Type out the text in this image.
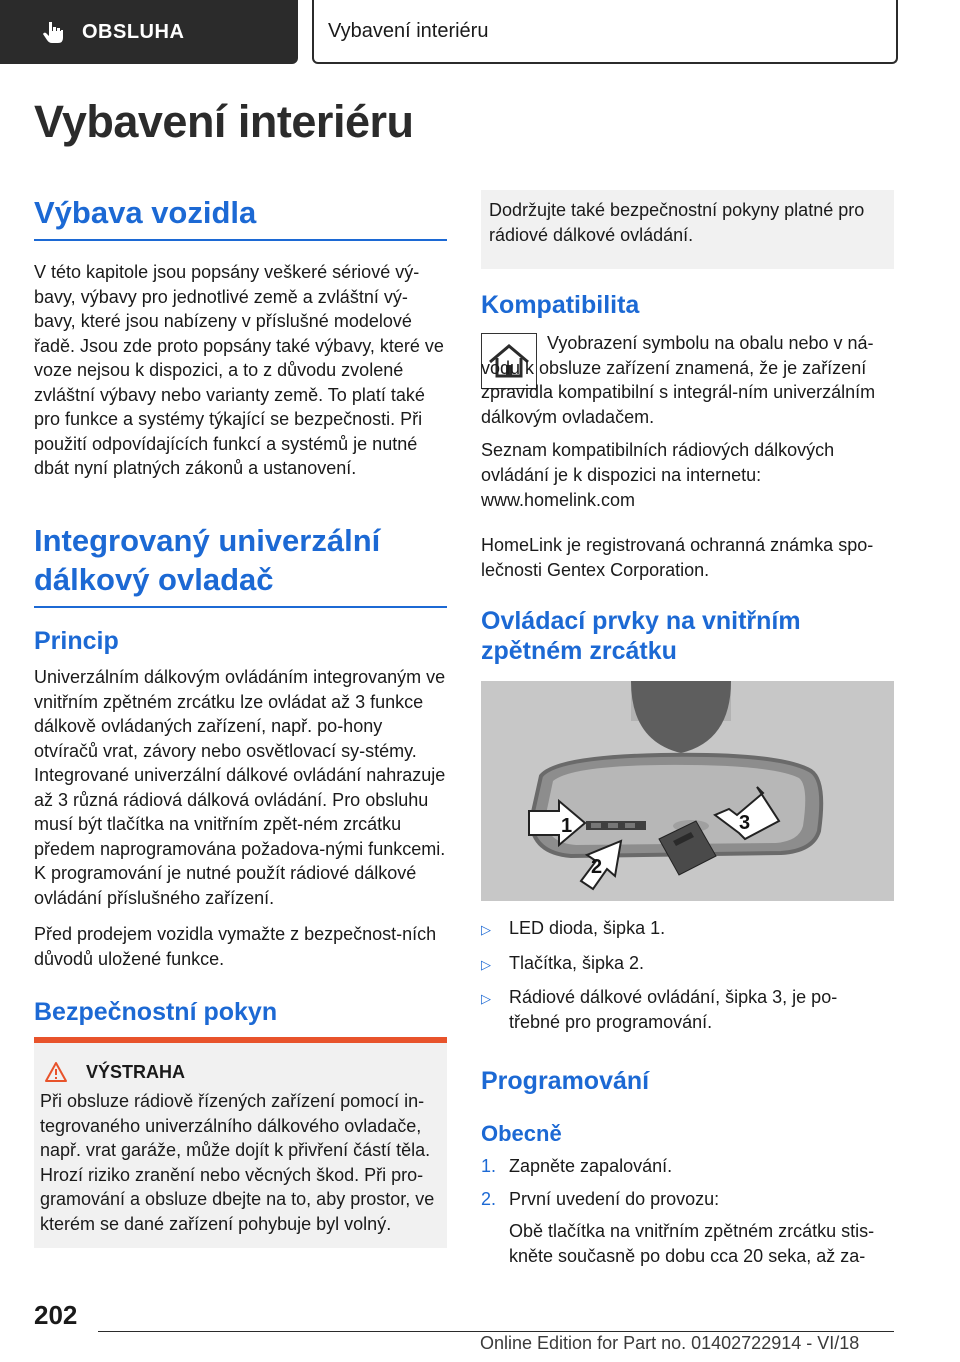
OBSLUHA	Vybavení interiéru
Vybavení interiéru
Výbava vozidla

V této kapitole jsou popsány veškeré sériové vý-bavy, výbavy pro jednotlivé země a zvláštní vý-bavy, které jsou nabízeny v příslušné modelové řadě. Jsou zde proto popsány také výbavy, které ve voze nejsou k dispozici, a to z důvodu zvolené zvláštní výbavy nebo varianty země. To platí také pro funkce a systémy týkající se bezpečnosti. Při použití odpovídajících funkcí a systémů je nutné dbát nyní platných zákonů a ustanovení.

Integrovaný univerzální
dálkový ovladač
Princip

Univerzálním dálkovým ovládáním integrovaným ve vnitřním zpětném zrcátku lze ovládat až 3 funkce dálkově ovládaných zařízení, např. po-hony otvíračů vrat, závory nebo osvětlovací sy-stémy. Integrované univerzální dálkové ovládání nahrazuje až 3 různá rádiová dálková ovládání. Pro obsluhu musí být tlačítka na vnitřním zpět-ném zrcátku předem naprogramována požadova-nými funkcemi. K programování je nutné použít rádiové dálkové ovládání příslušného zařízení.

Před prodejem vozidla vymažte z bezpečnost-ních důvodů uložené funkce.

Bezpečnostní pokyn
VÝSTRAHA

Při obsluze rádiově řízených zařízení pomocí in-tegrovaného univerzálního dálkového ovladače, např. vrat garáže, může dojít k přivření částí těla. Hrozí riziko zranění nebo věcných škod. Při pro-gramování a obsluze dbejte na to, aby prostor, ve kterém se dané zařízení pohybuje byl volný.

Dodržujte také bezpečnostní pokyny platné pro rádiové dálkové ovládání.

Kompatibilita

Vyobrazení symbolu na obalu nebo v ná-vodu k obsluze zařízení znamená, že je zařízení zpravidla kompatibilní s integrál-ním univerzálním dálkovým ovladačem.

Seznam kompatibilních rádiových dálkových ovládání je k dispozici na internetu:

www.homelink.com

HomeLink je registrovaná ochranná známka spo-lečnosti Gentex Corporation.

Ovládací prvky na vnitřním
zpětném zrcátku
1
2
3
▷	LED dioda, šipka 1.
▷	Tlačítka, šipka 2.
▷	Rádiové dálkové ovládání, šipka 3, je po-třebné pro programování.
Programování
Obecně
1. Zapněte zapalování.
2. První uvedení do provozu:

Obě tlačítka na vnitřním zpětném zrcátku stis-kněte současně po dobu cca 20 seka, až za-

202
Online Edition for Part no. 01402722914 - VI/18
